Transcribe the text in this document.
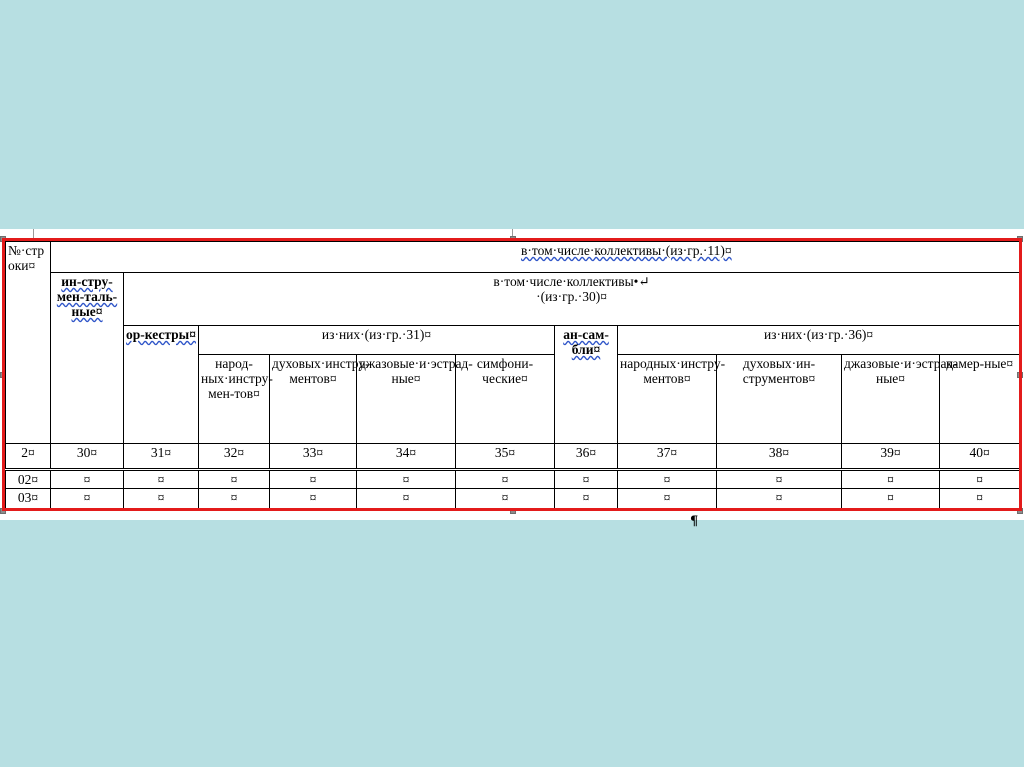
№·стр оки¤	в·том·числе·коллективы·(из·гр.·11)¤										
	ин-стру-мен-таль-ные¤	в·том·числе·коллективы•↵
·(из·гр.·30)¤									

		ор-кестры¤	из·них·(из·гр.·31)¤				ан-сам-бли¤	из·них·(из·гр.·36)¤			
			народ-ных·инстру-мен-тов¤	духовых·инстру-ментов¤	джазовые·и·эстрад-ные¤	симфони-ческие¤		народных·инстру-ментов¤	духовых·ин-струментов¤	джазовые·и·эстрад-ные¤	камер-ные¤
2¤	30¤	31¤	32¤	33¤	34¤	35¤	36¤	37¤	38¤	39¤	40¤
02¤	¤	¤	¤	¤	¤	¤	¤	¤	¤	¤	¤
03¤	¤	¤	¤	¤	¤	¤	¤	¤	¤	¤	¤
¶
